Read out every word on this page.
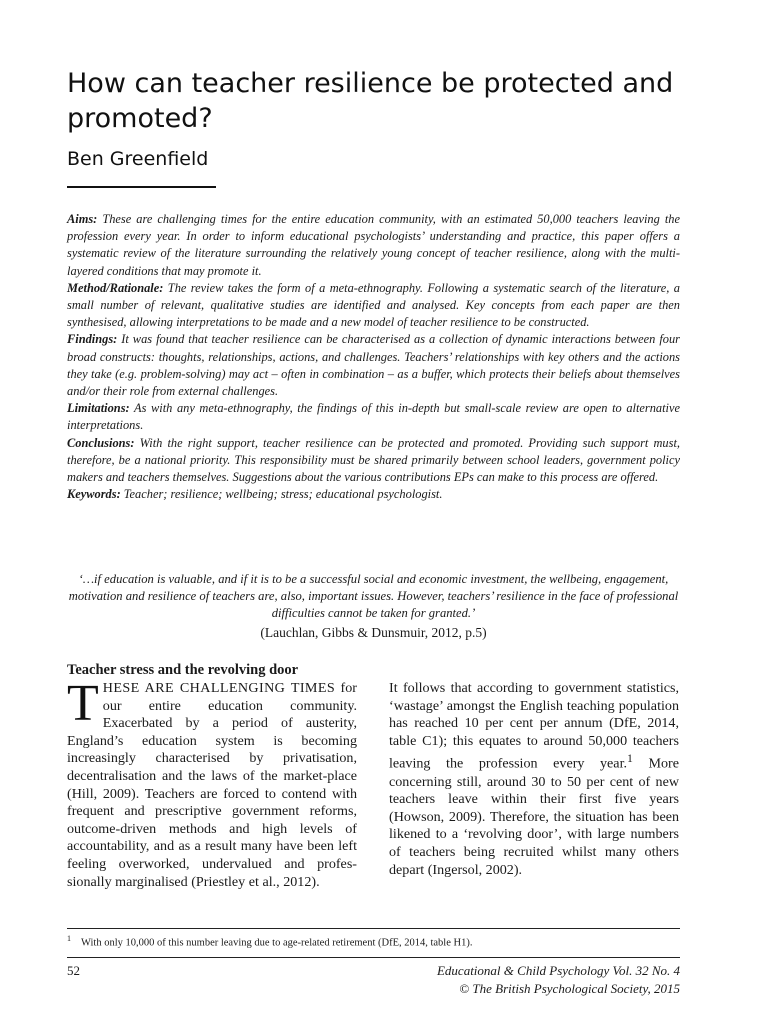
How can teacher resilience be protected and promoted?
Ben Greenfield

Aims: These are challenging times for the entire education community, with an estimated 50,000 teachers leaving the profession every year. In order to inform educational psychologists’ understanding and practice, this paper offers a systematic review of the literature surrounding the relatively young concept of teacher resilience, along with the multi-layered conditions that may promote it.

Method/Rationale: The review takes the form of a meta-ethnography. Following a systematic search of the literature, a small number of relevant, qualitative studies are identified and analysed. Key concepts from each paper are then synthesised, allowing interpretations to be made and a new model of teacher resilience to be constructed.

Findings: It was found that teacher resilience can be characterised as a collection of dynamic interactions between four broad constructs: thoughts, relationships, actions, and challenges. Teachers’ relationships with key others and the actions they take (e.g. problem-solving) may act – often in combination – as a buffer, which protects their beliefs about themselves and/or their role from external challenges.

Limitations: As with any meta-ethnography, the findings of this in-depth but small-scale review are open to alternative interpretations.

Conclusions: With the right support, teacher resilience can be protected and promoted. Providing such support must, therefore, be a national priority. This responsibility must be shared primarily between school leaders, government policy makers and teachers themselves. Suggestions about the various contributions EPs can make to this process are offered.

Keywords: Teacher; resilience; wellbeing; stress; educational psychologist.

‘…if education is valuable, and if it is to be a successful social and economic investment, the wellbeing, engagement, motivation and resilience of teachers are, also, important issues. However, teachers’ resilience in the face of professional difficulties cannot be taken for granted.’
(Lauchlan, Gibbs & Dunsmuir, 2012, p.5)
Teacher stress and the revolving door

THESE ARE CHALLENGING TIMES for our entire education community. Exacerbated by a period of austerity, England’s education system is becoming increasingly characterised by privatisation, decentralisation and the laws of the market-place (Hill, 2009). Teachers are forced to contend with frequent and prescriptive government reforms, outcome-driven methods and high levels of accountability, and as a result many have been left feeling overworked, undervalued and profes-sionally marginalised (Priestley et al., 2012).

It follows that according to government statistics, ‘wastage’ amongst the English teaching population has reached 10 per cent per annum (DfE, 2014, table C1); this equates to around 50,000 teachers leaving the profession every year.$^1$ More concerning still, around 30 to 50 per cent of new teachers leave within their first five years (Howson, 2009). Therefore, the situation has been likened to a ‘revolving door’, with large numbers of teachers being recruited whilst many others depart (Ingersol, 2002).

$^1$ With only 10,000 of this number leaving due to age-related retirement (DfE, 2014, table H1).
52	Educational & Child Psychology Vol. 32 No. 4
© The British Psychological Society, 2015
